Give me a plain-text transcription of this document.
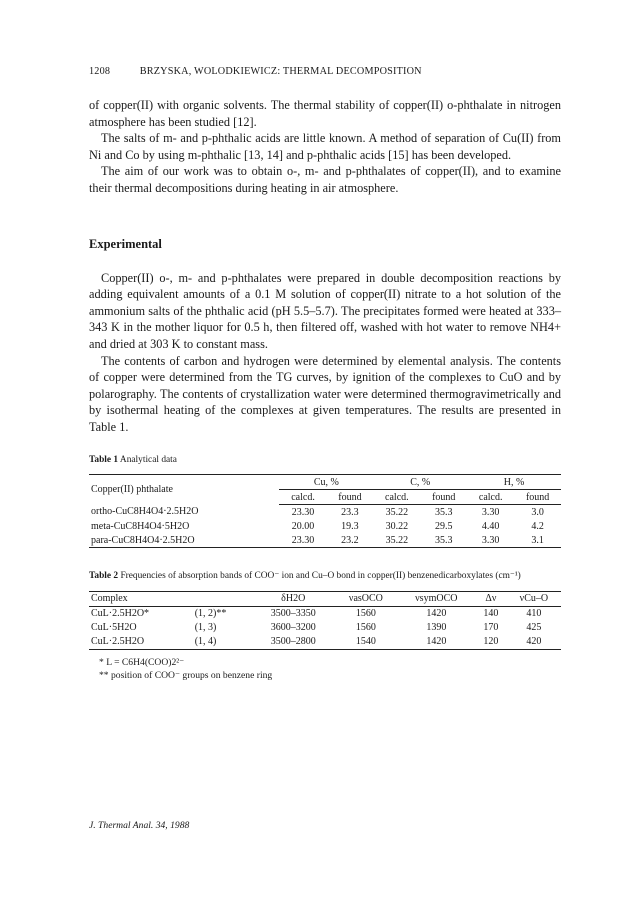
1208	BRZYSKA, WOLODKIEWICZ: THERMAL DECOMPOSITION

of copper(II) with organic solvents. The thermal stability of copper(II) o-phthalate in nitrogen atmosphere has been studied [12].

The salts of m- and p-phthalic acids are little known. A method of separation of Cu(II) from Ni and Co by using m-phthalic [13, 14] and p-phthalic acids [15] has been developed.

The aim of our work was to obtain o-, m- and p-phthalates of copper(II), and to examine their thermal decompositions during heating in air atmosphere.

Experimental

Copper(II) o-, m- and p-phthalates were prepared in double decomposition reactions by adding equivalent amounts of a 0.1 M solution of copper(II) nitrate to a hot solution of the ammonium salts of the phthalic acid (pH 5.5–5.7). The precipitates formed were heated at 333–343 K in the mother liquor for 0.5 h, then filtered off, washed with hot water to remove NH4+ and dried at 303 K to constant mass.

The contents of carbon and hydrogen were determined by elemental analysis. The contents of copper were determined from the TG curves, by ignition of the complexes to CuO and by polarography. The contents of crystallization water were determined thermogravimetrically and by isothermal heating of the complexes at given temperatures. The results are presented in Table 1.

Table 1 Analytical data
Copper(II) phthalate	Cu, %		C, %		H, %	
	calcd.	found	calcd.	found	calcd.	found
ortho-CuC8H4O4·2.5H2O	23.30	23.3	35.22	35.3	3.30	3.0
meta-CuC8H4O4·5H2O	20.00	19.3	30.22	29.5	4.40	4.2
para-CuC8H4O4·2.5H2O	23.30	23.2	35.22	35.3	3.30	3.1
Table 2 Frequencies of absorption bands of COO⁻ ion and Cu–O bond in copper(II) benzenedicarboxylates (cm⁻¹)
Complex		δH2O	νasOCO	νsymOCO	Δν	νCu–O
CuL·2.5H2O*	(1, 2)**	3500–3350	1560	1420	140	410
CuL·5H2O	(1, 3)	3600–3200	1560	1390	170	425
CuL·2.5H2O	(1, 4)	3500–2800	1540	1420	120	420
* L = C6H4(COO)2²⁻
** position of COO⁻ groups on benzene ring
J. Thermal Anal. 34, 1988
